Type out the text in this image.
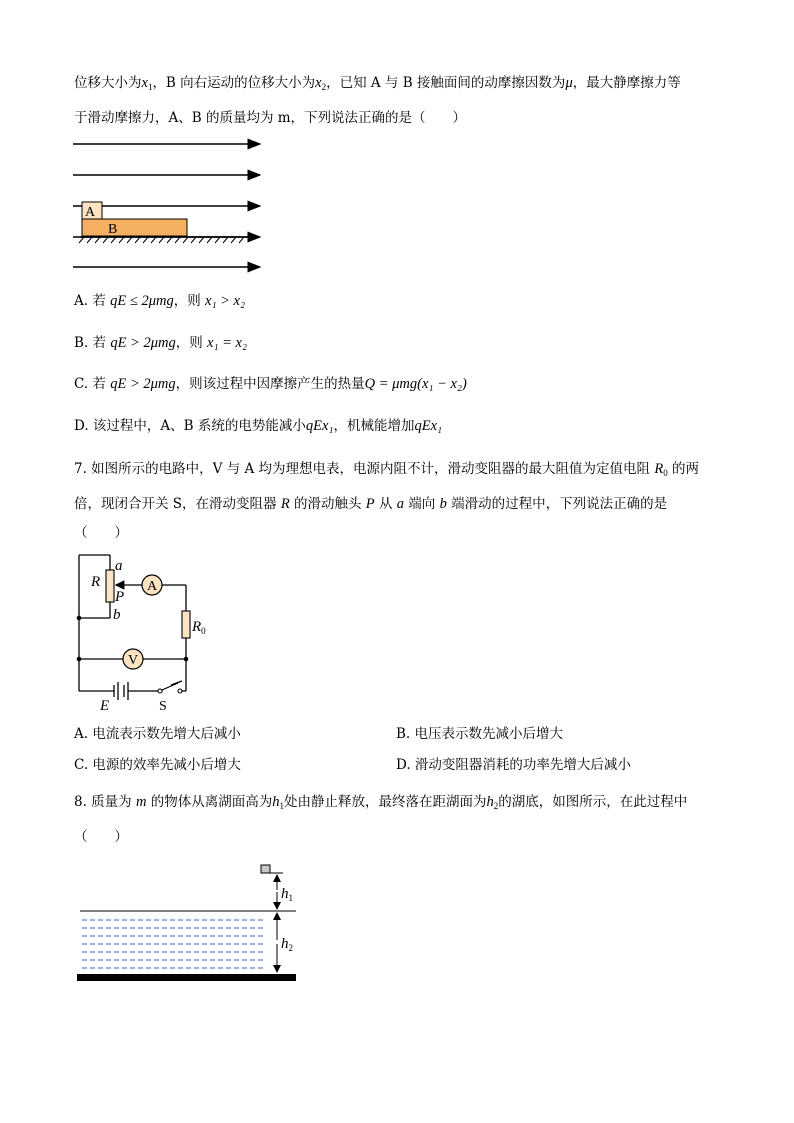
位移大小为$x_1$，B 向右运动的位移大小为$x_2$，已知 A 与 B 接触面间的动摩擦因数为μ，最大静摩擦力等
于滑动摩擦力，A、B 的质量均为 m，下列说法正确的是（　　）
A
B
A. 若 qE ≤ 2μmg，则 x₁ > x₂
B. 若 qE > 2μmg，则 x₁ = x₂
C. 若 qE > 2μmg，则该过程中因摩擦产生的热量Q = μmg(x₁ − x₂)
D. 该过程中，A、B 系统的电势能减小qEx₁，机械能增加qEx₁
7. 如图所示的电路中，V 与 A 均为理想电表，电源内阻不计，滑动变阻器的最大阻值为定值电阻 $R_0$ 的两
倍，现闭合开关 S，在滑动变阻器 R 的滑动触头 P 从 a 端向 b 端滑动的过程中，下列说法正确的是
（　　）
A
V
R
a
P
b
$R_0$
E	S
A. 电流表示数先增大后减小	B. 电压表示数先减小后增大
C. 电源的效率先减小后增大	D. 滑动变阻器消耗的功率先增大后减小
8. 质量为 m 的物体从离湖面高为$h_1$处由静止释放，最终落在距湖面为$h_2$的湖底，如图所示，在此过程中
（　　）
$h_1$
$h_2$
